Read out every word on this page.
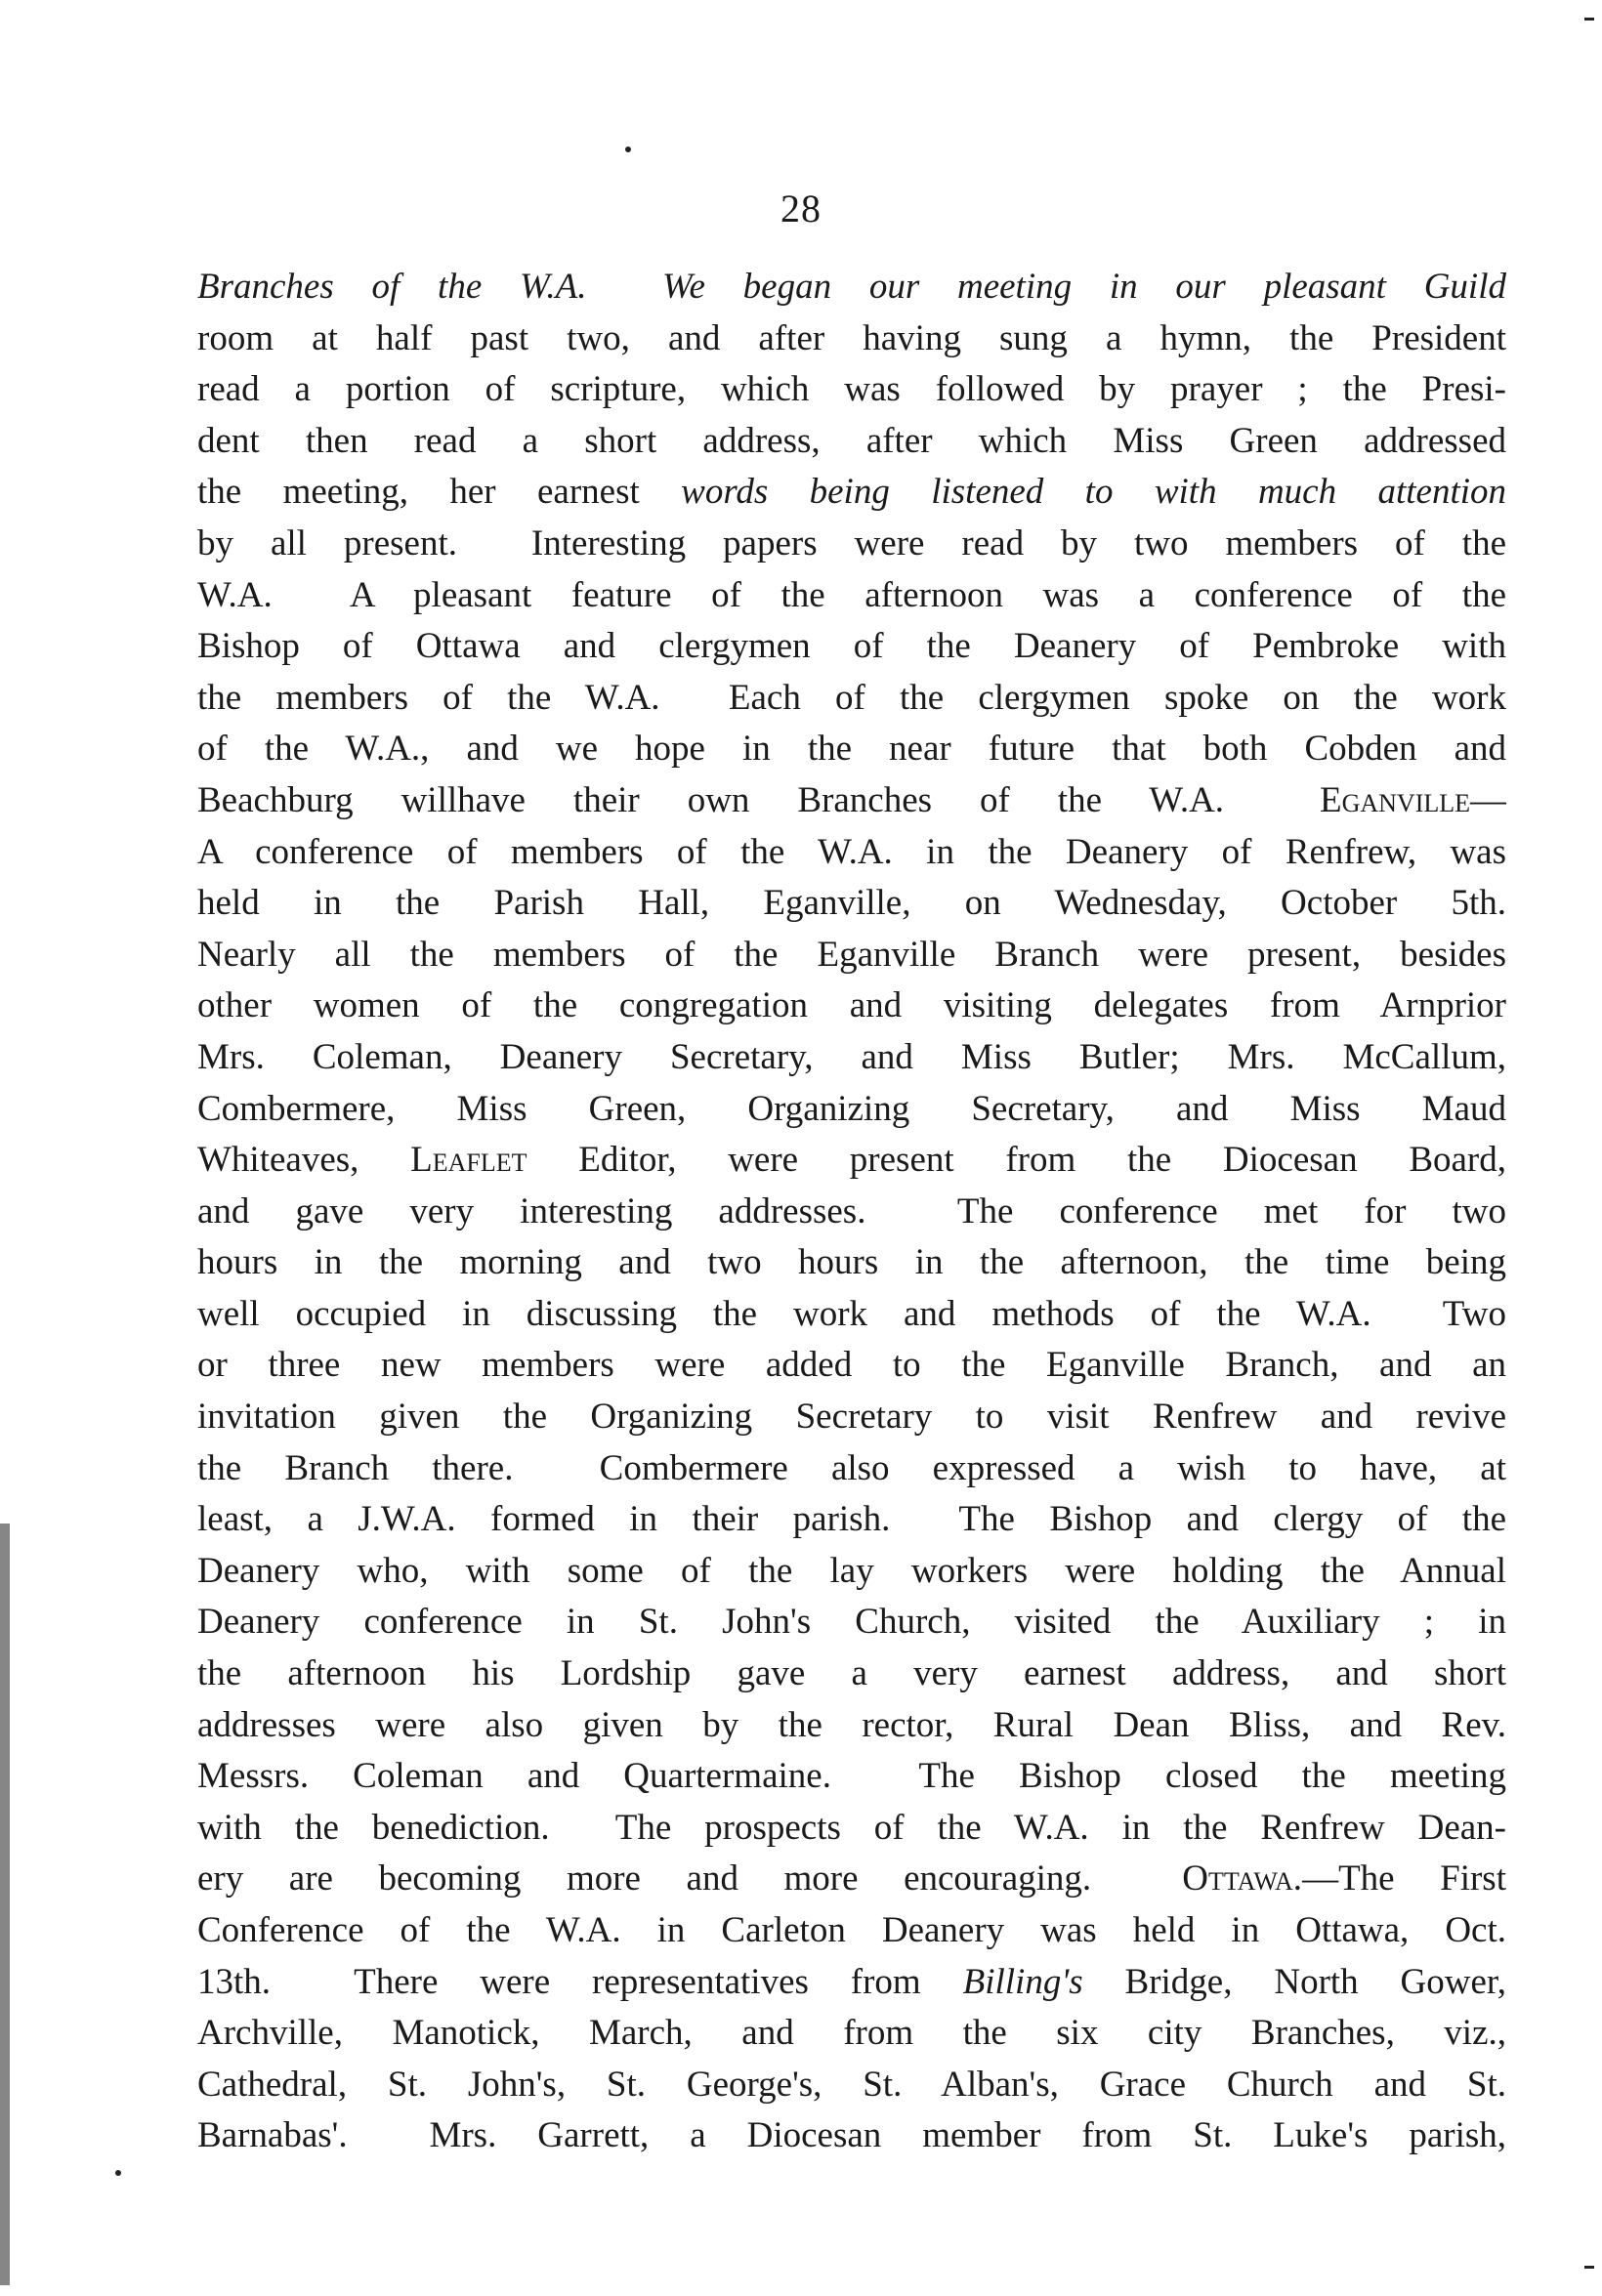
28
Branches of the W.A.  We began our meeting in our pleasant Guild
room at half past two, and after having sung a hymn, the President
read a portion of scripture, which was followed by prayer ; the Presi-
dent then read a short address, after which Miss Green addressed
the meeting, her earnest words being listened to with much attention
by all present.  Interesting papers were read by two members of the
W.A.  A pleasant feature of the afternoon was a conference of the
Bishop of Ottawa and clergymen of the Deanery of Pembroke with
the members of the W.A.  Each of the clergymen spoke on the work
of the W.A., and we hope in the near future that both Cobden and
Beachburg willhave their own Branches of the W.A.  Eganville—
A conference of members of the W.A. in the Deanery of Renfrew, was
held in the Parish Hall, Eganville, on Wednesday, October 5th.
Nearly all the members of the Eganville Branch were present, besides
other women of the congregation and visiting delegates from Arnprior
Mrs. Coleman, Deanery Secretary, and Miss Butler; Mrs. McCallum,
Combermere, Miss Green, Organizing Secretary, and Miss Maud
Whiteaves, Leaflet Editor, were present from the Diocesan Board,
and gave very interesting addresses.  The conference met for two
hours in the morning and two hours in the afternoon, the time being
well occupied in discussing the work and methods of the W.A.  Two
or three new members were added to the Eganville Branch, and an
invitation given the Organizing Secretary to visit Renfrew and revive
the Branch there.  Combermere also expressed a wish to have, at
least, a J.W.A. formed in their parish.  The Bishop and clergy of the
Deanery who, with some of the lay workers were holding the Annual
Deanery conference in St. John's Church, visited the Auxiliary ; in
the afternoon his Lordship gave a very earnest address, and short
addresses were also given by the rector, Rural Dean Bliss, and Rev.
Messrs. Coleman and Quartermaine.  The Bishop closed the meeting
with the benediction.  The prospects of the W.A. in the Renfrew Dean-
ery are becoming more and more encouraging.  Ottawa.—The First
Conference of the W.A. in Carleton Deanery was held in Ottawa, Oct.
13th.  There were representatives from Billing's Bridge, North Gower,
Archville, Manotick, March, and from the six city Branches, viz.,
Cathedral, St. John's, St. George's, St. Alban's, Grace Church and St.
Barnabas'.  Mrs. Garrett, a Diocesan member from St. Luke's parish,
